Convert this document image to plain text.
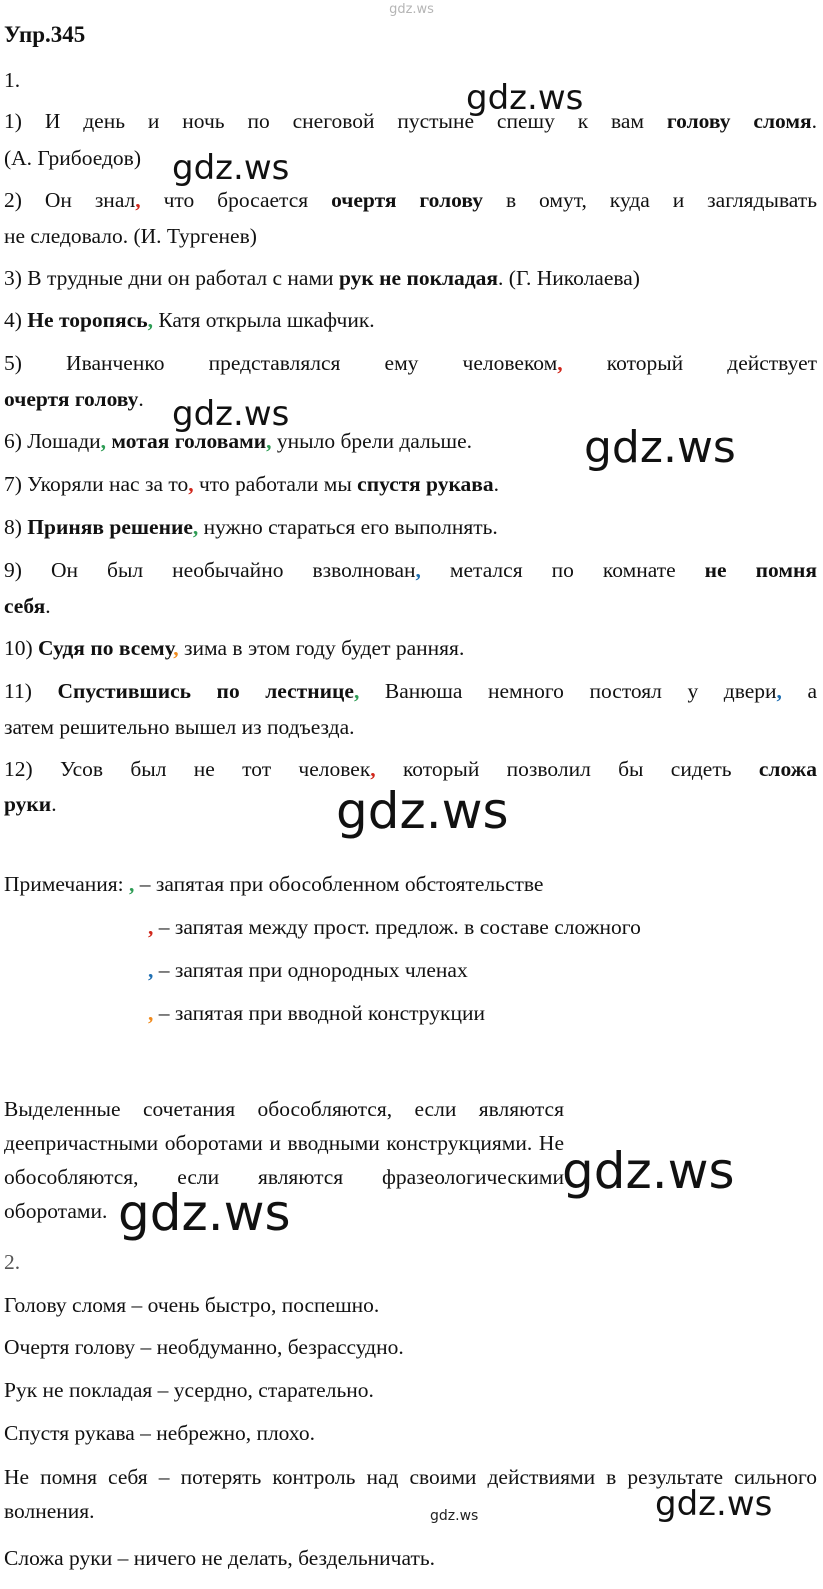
gdz.ws
Упр.345
1.
1) И день и ночь по снеговой пустыне спешу к вам голову сломя.
(А. Грибоедов)
2) Он знал, что бросается очертя голову в омут, куда и заглядывать
не следовало. (И. Тургенев)
3) В трудные дни он работал с нами рук не покладая. (Г. Николаева)
4) Не торопясь, Катя открыла шкафчик.
5) Иванченко представлялся ему человеком, который действует
очертя голову.
6) Лошади, мотая головами, уныло брели дальше.
7) Укоряли нас за то, что работали мы спустя рукава.
8) Приняв решение, нужно стараться его выполнять.
9) Он был необычайно взволнован, метался по комнате не помня
себя.
10) Судя по всему, зима в этом году будет ранняя.
11) Спустившись по лестнице, Ванюша немного постоял у двери, а
затем решительно вышел из подъезда.
12) Усов был не тот человек, который позволил бы сидеть сложа
руки.
Примечания: , – запятая при обособленном обстоятельстве
, – запятая между прост. предлож. в составе сложного
, – запятая при однородных членах
, – запятая при вводной конструкции
Выделенные сочетания обособляются, если являются деепричастными оборотами и вводными конструкциями. Не обособляются, если являются фразеологическими оборотами.
2.
Голову сломя – очень быстро, поспешно.
Очертя голову – необдуманно, безрассудно.
Рук не покладая – усердно, старательно.
Спустя рукава – небрежно, плохо.
Не помня себя – потерять контроль над своими действиями в результате сильного волнения.
Сложа руки – ничего не делать, бездельничать.
gdz.ws
gdz.ws
gdz.ws
gdz.ws
gdz.ws
gdz.ws
gdz.ws
gdz.ws
gdz.ws
